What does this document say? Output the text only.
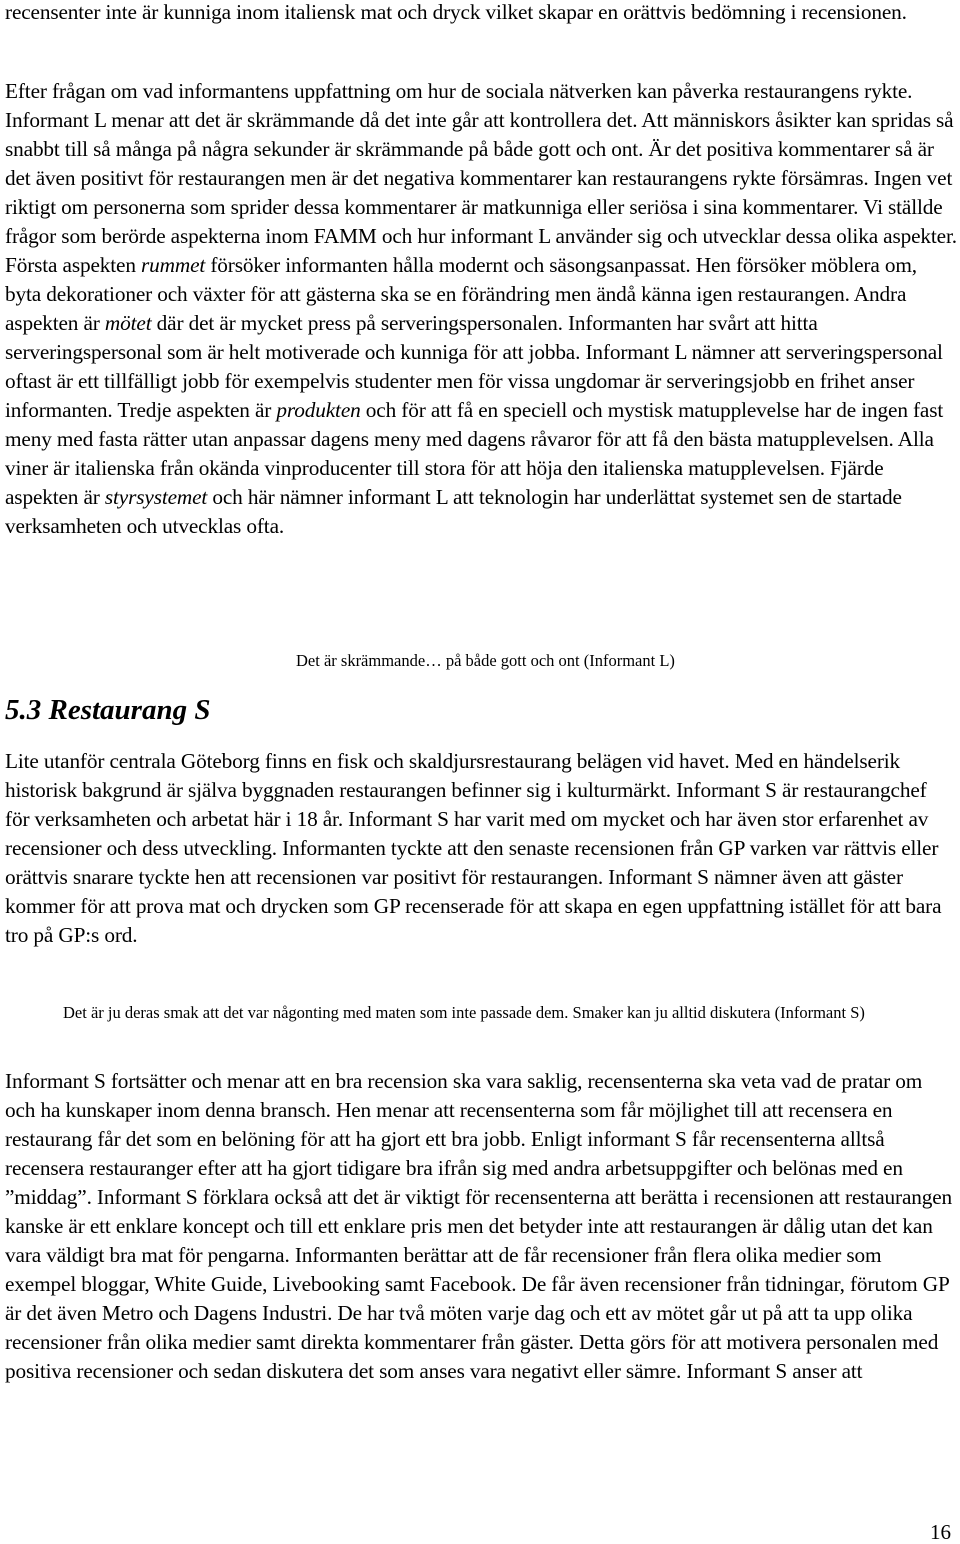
recensenter inte är kunniga inom italiensk mat och dryck vilket skapar en orättvis bedömning i recensionen.

Efter frågan om vad informantens uppfattning om hur de sociala nätverken kan påverka restaurangens rykte. Informant L menar att det är skrämmande då det inte går att kontrollera det. Att människors åsikter kan spridas så snabbt till så många på några sekunder är skrämmande på både gott och ont. Är det positiva kommentarer så är det även positivt för restaurangen men är det negativa kommentarer kan restaurangens rykte försämras. Ingen vet riktigt om personerna som sprider dessa kommentarer är matkunniga eller seriösa i sina kommentarer. Vi ställde frågor som berörde aspekterna inom FAMM och hur informant L använder sig och utvecklar dessa olika aspekter. Första aspekten rummet försöker informanten hålla modernt och säsongsanpassat. Hen försöker möblera om, byta dekorationer och växter för att gästerna ska se en förändring men ändå känna igen restaurangen. Andra aspekten är mötet där det är mycket press på serveringspersonalen. Informanten har svårt att hitta serveringspersonal som är helt motiverade och kunniga för att jobba. Informant L nämner att serveringspersonal oftast är ett tillfälligt jobb för exempelvis studenter men för vissa ungdomar är serveringsjobb en frihet anser informanten. Tredje aspekten är produkten och för att få en speciell och mystisk matupplevelse har de ingen fast meny med fasta rätter utan anpassar dagens meny med dagens råvaror för att få den bästa matupplevelsen. Alla viner är italienska från okända vinproducenter till stora för att höja den italienska matupplevelsen. Fjärde aspekten är styrsystemet och här nämner informant L att teknologin har underlättat systemet sen de startade verksamheten och utvecklas ofta.

Det är skrämmande… på både gott och ont (Informant L)

5.3 Restaurang S

Lite utanför centrala Göteborg finns en fisk och skaldjursrestaurang belägen vid havet. Med en händelserik historisk bakgrund är själva byggnaden restaurangen befinner sig i kulturmärkt. Informant S är restaurangchef för verksamheten och arbetat här i 18 år. Informant S har varit med om mycket och har även stor erfarenhet av recensioner och dess utveckling. Informanten tyckte att den senaste recensionen från GP varken var rättvis eller orättvis snarare tyckte hen att recensionen var positivt för restaurangen. Informant S nämner även att gäster kommer för att prova mat och drycken som GP recenserade för att skapa en egen uppfattning istället för att bara tro på GP:s ord.

Det är ju deras smak att det var någonting med maten som inte passade dem. Smaker kan ju alltid diskutera (Informant S)

Informant S fortsätter och menar att en bra recension ska vara saklig, recensenterna ska veta vad de pratar om och ha kunskaper inom denna bransch. Hen menar att recensenterna som får möjlighet till att recensera en restaurang får det som en belöning för att ha gjort ett bra jobb. Enligt informant S får recensenterna alltså recensera restauranger efter att ha gjort tidigare bra ifrån sig med andra arbetsuppgifter och belönas med en ”middag”. Informant S förklara också att det är viktigt för recensenterna att berätta i recensionen att restaurangen kanske är ett enklare koncept och till ett enklare pris men det betyder inte att restaurangen är dålig utan det kan vara väldigt bra mat för pengarna. Informanten berättar att de får recensioner från flera olika medier som exempel bloggar, White Guide, Livebooking samt Facebook. De får även recensioner från tidningar, förutom GP är det även Metro och Dagens Industri. De har två möten varje dag och ett av mötet går ut på att ta upp olika recensioner från olika medier samt direkta kommentarer från gäster. Detta görs för att motivera personalen med positiva recensioner och sedan diskutera det som anses vara negativt eller sämre. Informant S anser att

16
